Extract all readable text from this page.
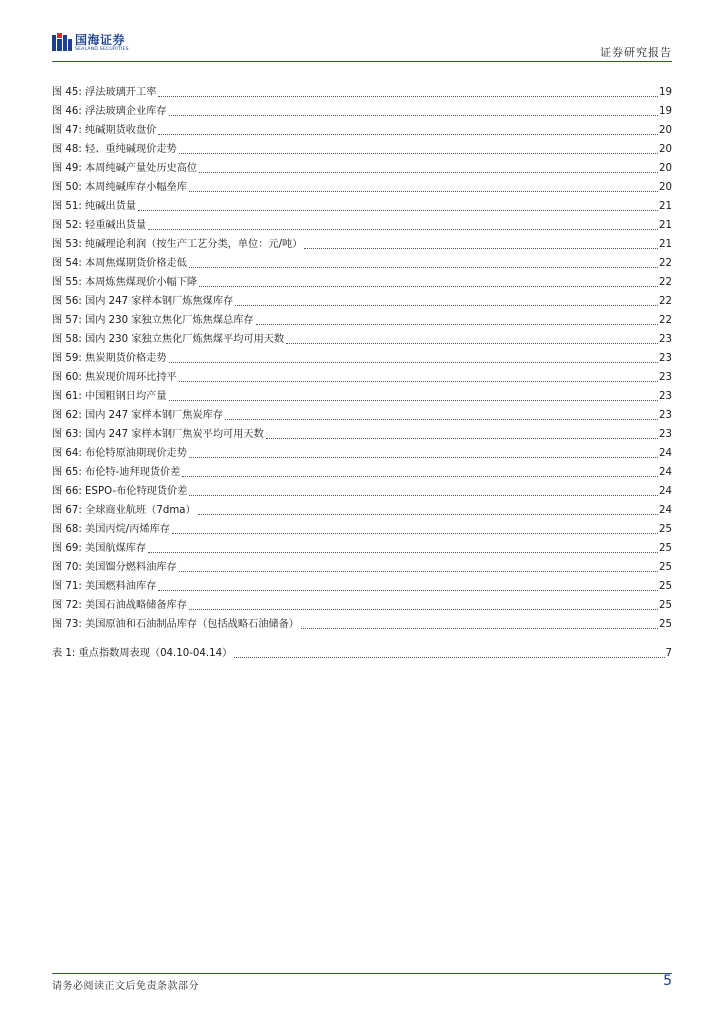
国海证券
SEALAND SECURITIES	证券研究报告
图 45: 浮法玻璃开工率	19
图 46: 浮法玻璃企业库存	19
图 47: 纯碱期货收盘价	20
图 48: 轻、重纯碱现价走势	20
图 49: 本周纯碱产量处历史高位	20
图 50: 本周纯碱库存小幅垒库	20
图 51: 纯碱出货量	21
图 52: 轻重碱出货量	21
图 53: 纯碱理论利润（按生产工艺分类，单位：元/吨）	21
图 54: 本周焦煤期货价格走低	22
图 55: 本周炼焦煤现价小幅下降	22
图 56: 国内 247 家样本钢厂炼焦煤库存	22
图 57: 国内 230 家独立焦化厂炼焦煤总库存	22
图 58: 国内 230 家独立焦化厂炼焦煤平均可用天数	23
图 59: 焦炭期货价格走势	23
图 60: 焦炭现价周环比持平	23
图 61: 中国粗钢日均产量	23
图 62: 国内 247 家样本钢厂焦炭库存	23
图 63: 国内 247 家样本钢厂焦炭平均可用天数	23
图 64: 布伦特原油期现价走势	24
图 65: 布伦特-迪拜现货价差	24
图 66: ESPO-布伦特现货价差	24
图 67: 全球商业航班（7dma）	24
图 68: 美国丙烷/丙烯库存	25
图 69: 美国航煤库存	25
图 70: 美国馏分燃料油库存	25
图 71: 美国燃料油库存	25
图 72: 美国石油战略储备库存	25
图 73: 美国原油和石油制品库存（包括战略石油储备）	25
表 1: 重点指数周表现（04.10-04.14）	7
请务必阅读正文后免责条款部分	5
